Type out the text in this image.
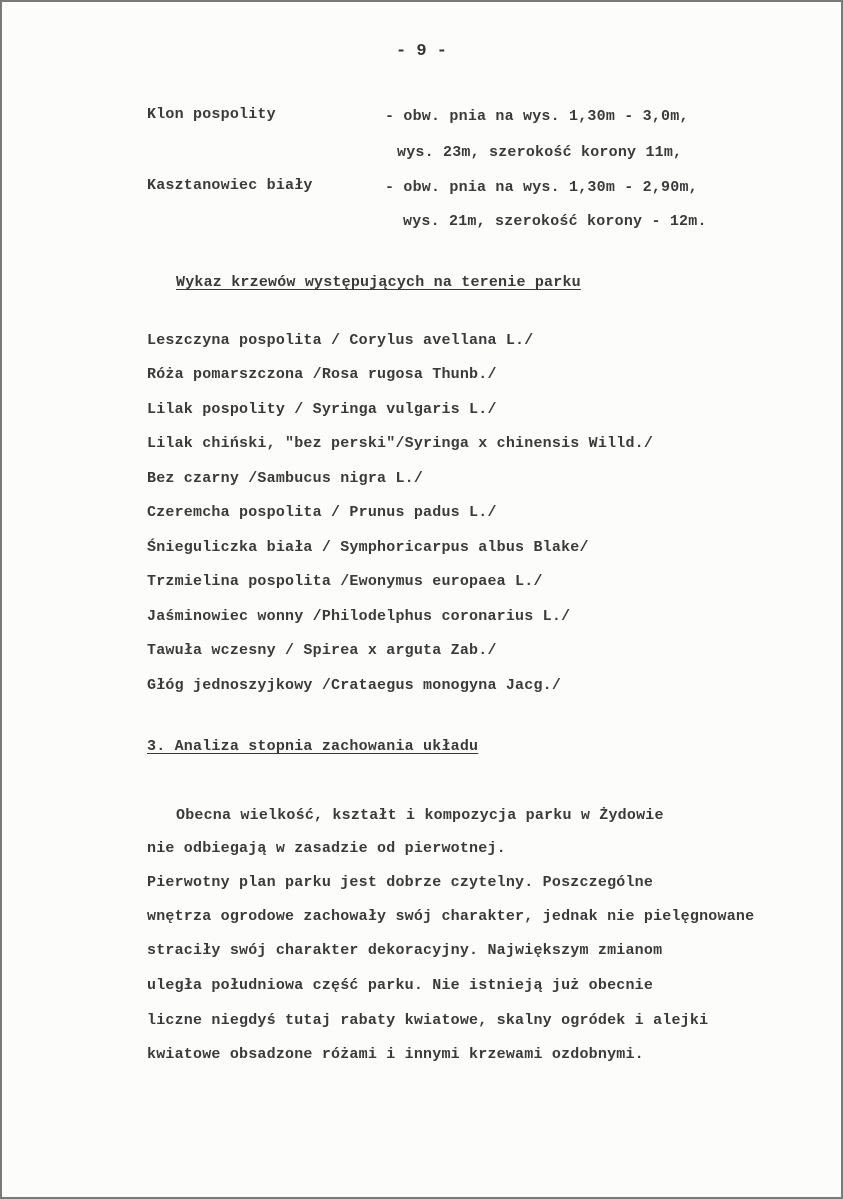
- 9 -
Klon pospolity	- obw. pnia na wys. 1,30m - 3,0m,
wys. 23m, szerokość korony 11m,
Kasztanowiec biały	- obw. pnia na wys. 1,30m - 2,90m,
wys. 21m, szerokość korony - 12m.
Wykaz krzewów występujących na terenie parku
Leszczyna pospolita / Corylus avellana L./
Róża pomarszczona /Rosa rugosa Thunb./
Lilak pospolity / Syringa vulgaris L./
Lilak chiński, "bez perski"/Syringa x chinensis Willd./
Bez czarny /Sambucus nigra L./
Czeremcha pospolita / Prunus padus L./
Śnieguliczka biała / Symphoricarpus albus Blake/
Trzmielina pospolita /Ewonymus europaea L./
Jaśminowiec wonny /Philodelphus coronarius L./
Tawuła wczesny / Spirea x arguta Zab./
Głóg jednoszyjkowy /Crataegus monogyna Jacg./
3. Analiza stopnia zachowania układu
Obecna wielkość, kształt i kompozycja parku w Żydowie
nie odbiegają w zasadzie od pierwotnej.
Pierwotny plan parku jest dobrze czytelny. Poszczególne
wnętrza ogrodowe zachowały swój charakter, jednak nie pielęgnowane
straciły swój charakter dekoracyjny. Największym zmianom
uległa południowa część parku. Nie istnieją już obecnie
liczne niegdyś tutaj rabaty kwiatowe, skalny ogródek i alejki
kwiatowe obsadzone różami i innymi krzewami ozdobnymi.
